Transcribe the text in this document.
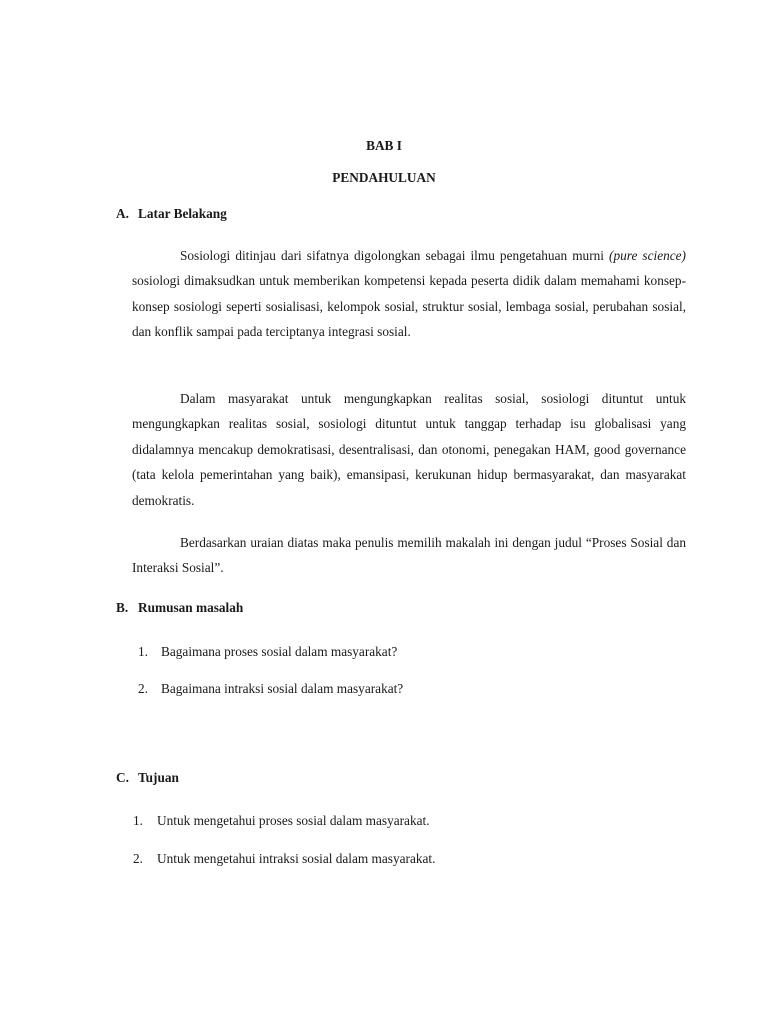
BAB I
PENDAHULUAN
A. Latar Belakang

Sosiologi ditinjau dari sifatnya digolongkan sebagai ilmu pengetahuan murni (pure science) sosiologi dimaksudkan untuk memberikan kompetensi kepada peserta didik dalam memahami konsep-konsep sosiologi seperti sosialisasi, kelompok sosial, struktur sosial, lembaga sosial, perubahan sosial, dan konflik sampai pada terciptanya integrasi sosial.

Dalam masyarakat untuk mengungkapkan realitas sosial, sosiologi dituntut untuk mengungkapkan realitas sosial, sosiologi dituntut untuk tanggap terhadap isu globalisasi yang didalamnya mencakup demokratisasi, desentralisasi, dan otonomi, penegakan HAM, good governance (tata kelola pemerintahan yang baik), emansipasi, kerukunan hidup bermasyarakat, dan masyarakat demokratis.

Berdasarkan uraian diatas maka penulis memilih makalah ini dengan judul “Proses Sosial dan Interaksi Sosial”.

B. Rumusan masalah
1. Bagaimana proses sosial dalam masyarakat?
2. Bagaimana intraksi sosial dalam masyarakat?
C. Tujuan
1. Untuk mengetahui proses sosial dalam masyarakat.
2. Untuk mengetahui intraksi sosial dalam masyarakat.
